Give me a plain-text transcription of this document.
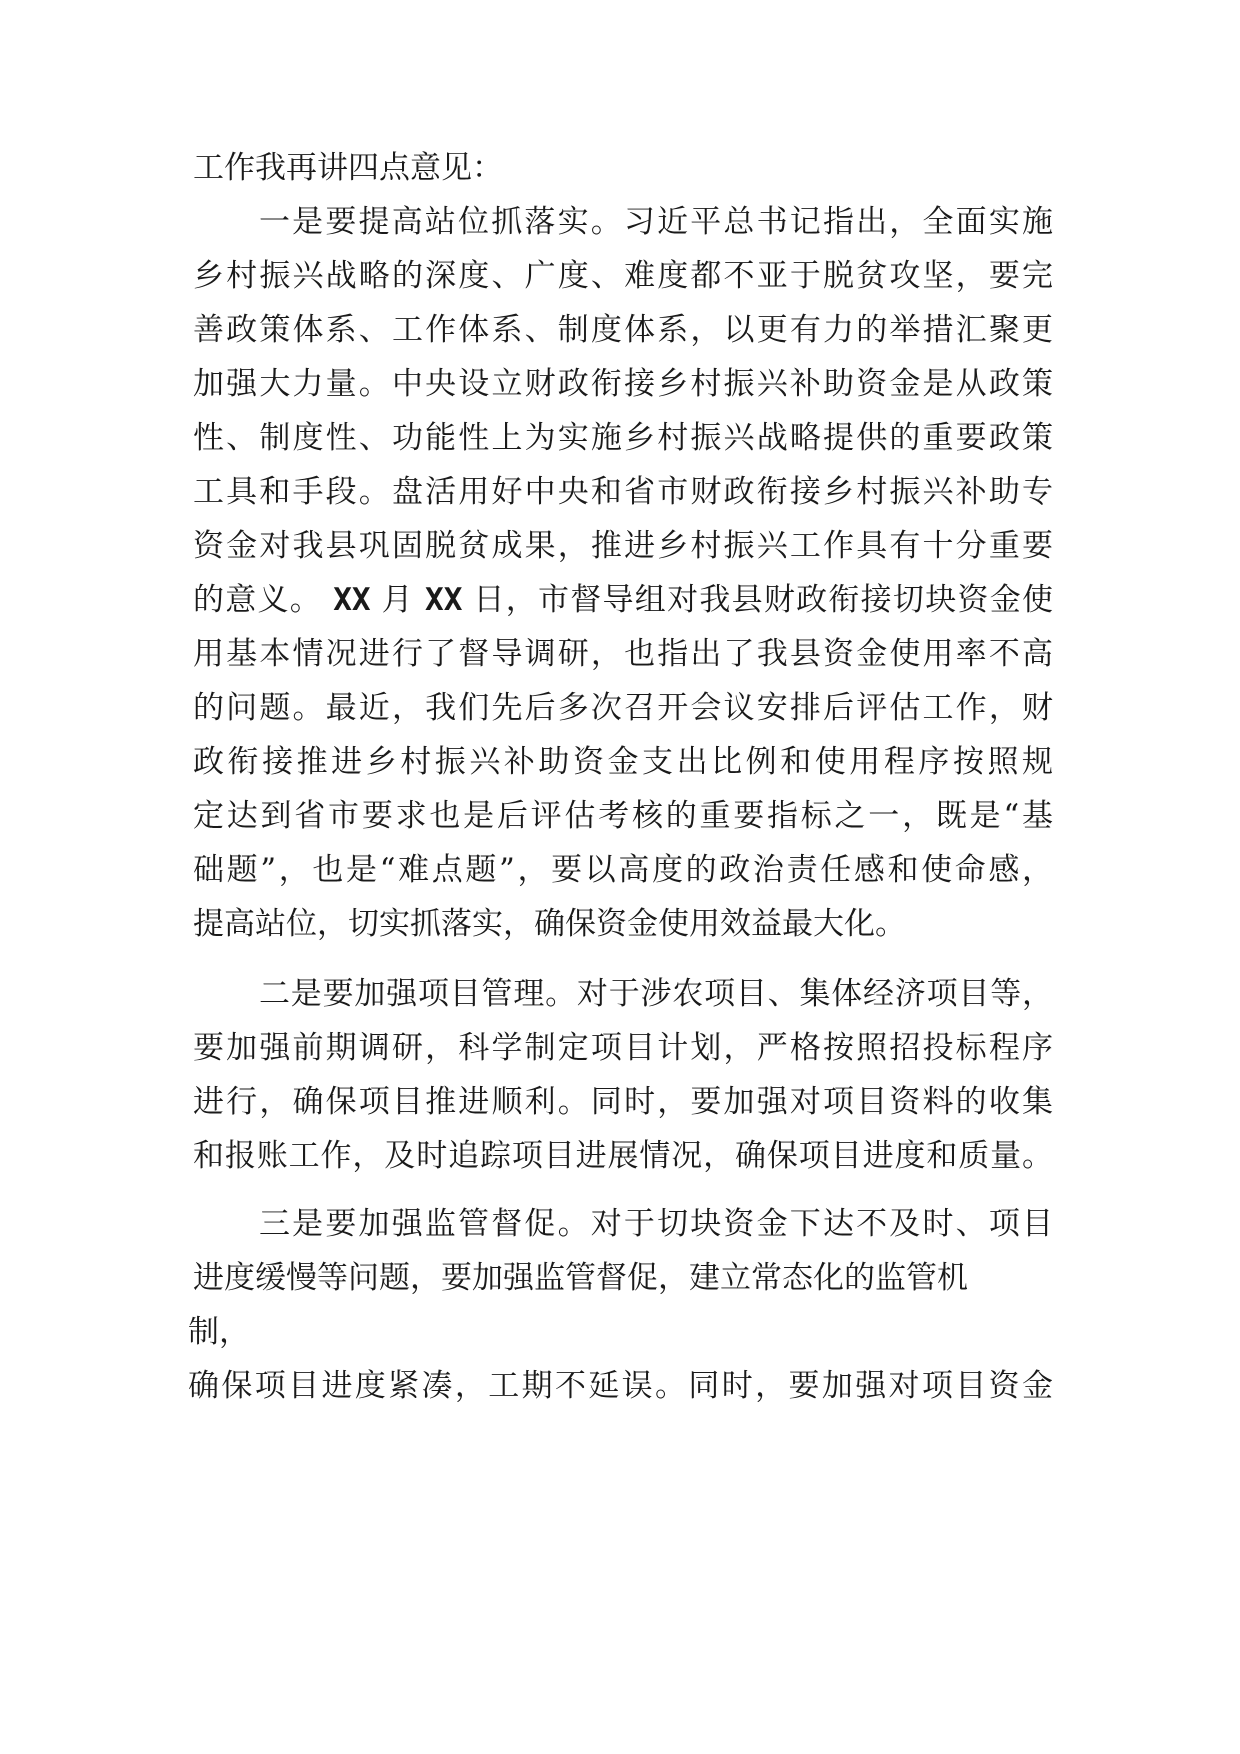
工作我再讲四点意见：
一是要提高站位抓落实。习近平总书记指出，全面实施
乡村振兴战略的深度、广度、难度都不亚于脱贫攻坚，要完
善政策体系、工作体系、制度体系，以更有力的举措汇聚更
加强大力量。中央设立财政衔接乡村振兴补助资金是从政策
性、制度性、功能性上为实施乡村振兴战略提供的重要政策
工具和手段。盘活用好中央和省市财政衔接乡村振兴补助专
资金对我县巩固脱贫成果，推进乡村振兴工作具有十分重要
的意义。 XX 月 XX 日，市督导组对我县财政衔接切块资金使
用基本情况进行了督导调研，也指出了我县资金使用率不高
的问题。最近，我们先后多次召开会议安排后评估工作，财
政衔接推进乡村振兴补助资金支出比例和使用程序按照规
定达到省市要求也是后评估考核的重要指标之一，既是“基
础题”，也是“难点题”，要以高度的政治责任感和使命感，
提高站位，切实抓落实，确保资金使用效益最大化。
二是要加强项目管理。对于涉农项目、集体经济项目等，
要加强前期调研，科学制定项目计划，严格按照招投标程序
进行，确保项目推进顺利。同时，要加强对项目资料的收集
和报账工作，及时追踪项目进展情况，确保项目进度和质量。
三是要加强监管督促。对于切块资金下达不及时、项目
进度缓慢等问题，要加强监管督促，建立常态化的监管机
制，
确保项目进度紧凑，工期不延误。同时，要加强对项目资金
